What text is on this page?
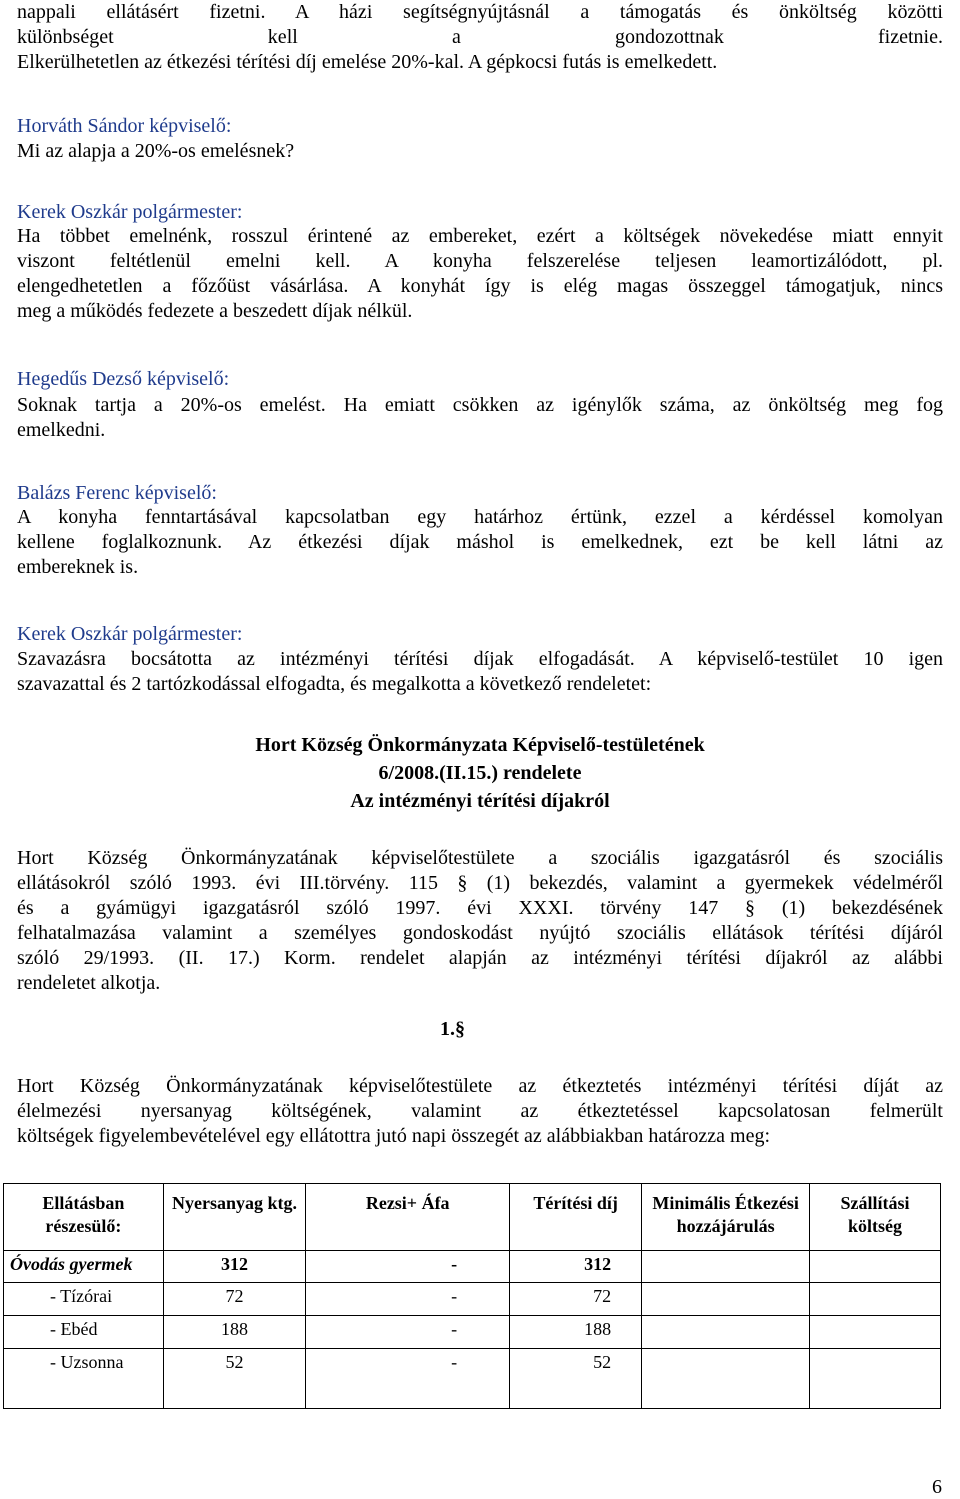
nappali ellátásért fizetni. A házi segítségnyújtásnál a támogatás és önköltség közötti
különbséget kell a gondozottnak fizetnie.
Elkerülhetetlen az étkezési térítési díj emelése 20%-kal. A gépkocsi futás is emelkedett.
Horváth Sándor képviselő:
Mi az alapja a 20%-os emelésnek?
Kerek Oszkár polgármester:
Ha többet emelnénk, rosszul érintené az embereket, ezért a költségek növekedése miatt ennyit
viszont feltétlenül emelni kell. A konyha felszerelése teljesen leamortizálódott, pl.
elengedhetetlen a főzőüst vásárlása. A konyhát így is elég magas összeggel támogatjuk, nincs
meg a működés fedezete a beszedett díjak nélkül.
Hegedűs Dezső képviselő:
Soknak tartja a 20%-os emelést. Ha emiatt csökken az igénylők száma, az önköltség meg fog
emelkedni.
Balázs Ferenc képviselő:
A konyha fenntartásával kapcsolatban egy határhoz értünk, ezzel a kérdéssel komolyan
kellene foglalkoznunk. Az étkezési díjak máshol is emelkednek, ezt be kell látni az
embereknek is.
Kerek Oszkár polgármester:
Szavazásra bocsátotta az intézményi térítési díjak elfogadását. A képviselő-testület 10 igen
szavazattal és 2 tartózkodással elfogadta, és megalkotta a következő rendeletet:

Hort Község Önkormányzata Képviselő-testületének

6/2008.(II.15.) rendelete

Az intézményi térítési díjakról

Hort Község Önkormányzatának képviselőtestülete a szociális igazgatásról és szociális
ellátásokról szóló 1993. évi III.törvény. 115 § (1) bekezdés, valamint a gyermekek védelméről
és a gyámügyi igazgatásról szóló 1997. évi XXXI. törvény 147 § (1) bekezdésének
felhatalmazása valamint a személyes gondoskodást nyújtó szociális ellátások térítési díjáról
szóló 29/1993. (II. 17.) Korm. rendelet alapján az intézményi térítési díjakról az alábbi
rendeletet alkotja.
1.§
Hort Község Önkormányzatának képviselőtestülete az étkeztetés intézményi térítési díját az
élelmezési nyersanyag költségének, valamint az étkeztetéssel kapcsolatosan felmerült
költségek figyelembevételével egy ellátottra jutó napi összegét az alábbiakban határozza meg:
Ellátásban részesülő:	Nyersanyag ktg.	Rezsi+ Áfa	Térítési díj	Minimális Étkezési hozzájárulás	Szállítási költség
Óvodás gyermek	312	-	312		
- Tízórai	72	-	72		
- Ebéd	188	-	188		
- Uzsonna	52	-	52		
6
